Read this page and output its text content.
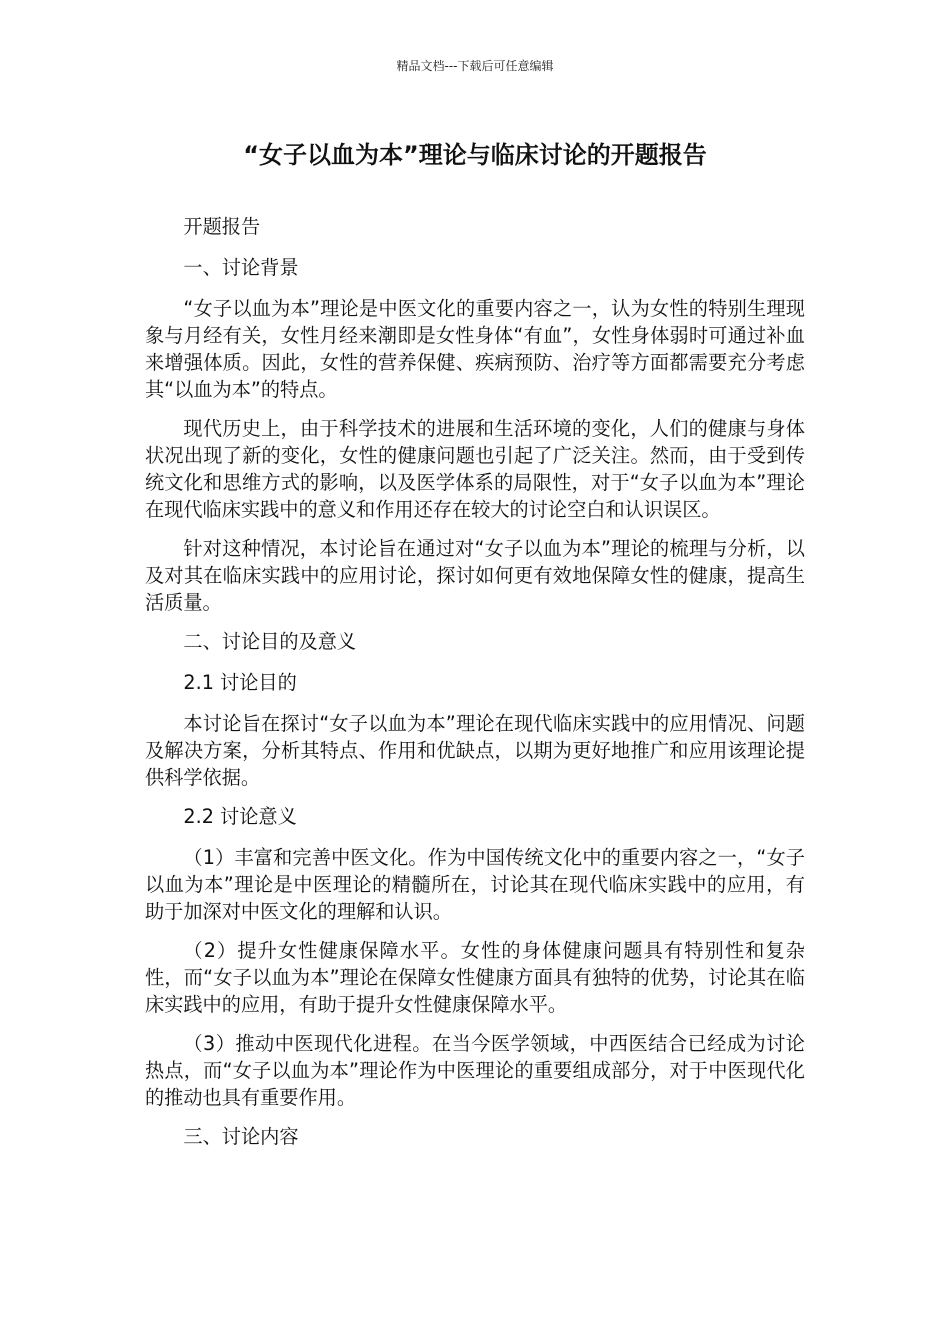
精品文档---下载后可任意编辑
“女子以血为本”理论与临床讨论的开题报告

开题报告

一、讨论背景

“女子以血为本”理论是中医文化的重要内容之一，认为女性的特别生理现象与月经有关，女性月经来潮即是女性身体“有血”，女性身体弱时可通过补血来增强体质。因此，女性的营养保健、疾病预防、治疗等方面都需要充分考虑其“以血为本”的特点。

现代历史上，由于科学技术的进展和生活环境的变化，人们的健康与身体状况出现了新的变化，女性的健康问题也引起了广泛关注。然而，由于受到传统文化和思维方式的影响，以及医学体系的局限性，对于“女子以血为本”理论在现代临床实践中的意义和作用还存在较大的讨论空白和认识误区。

针对这种情况，本讨论旨在通过对“女子以血为本”理论的梳理与分析，以及对其在临床实践中的应用讨论，探讨如何更有效地保障女性的健康，提高生活质量。

二、讨论目的及意义

2.1 讨论目的

本讨论旨在探讨“女子以血为本”理论在现代临床实践中的应用情况、问题及解决方案，分析其特点、作用和优缺点，以期为更好地推广和应用该理论提供科学依据。

2.2 讨论意义

（1）丰富和完善中医文化。作为中国传统文化中的重要内容之一，“女子以血为本”理论是中医理论的精髓所在，讨论其在现代临床实践中的应用，有助于加深对中医文化的理解和认识。

（2）提升女性健康保障水平。女性的身体健康问题具有特别性和复杂性，而“女子以血为本”理论在保障女性健康方面具有独特的优势，讨论其在临床实践中的应用，有助于提升女性健康保障水平。

（3）推动中医现代化进程。在当今医学领域，中西医结合已经成为讨论热点，而“女子以血为本”理论作为中医理论的重要组成部分，对于中医现代化的推动也具有重要作用。

三、讨论内容
